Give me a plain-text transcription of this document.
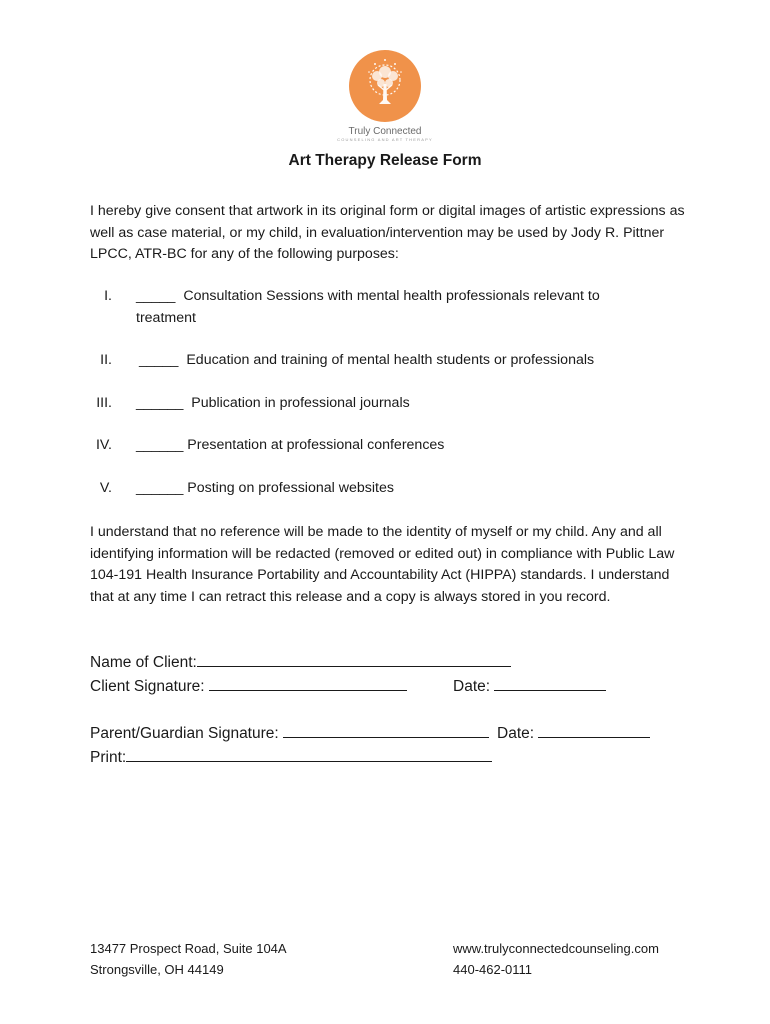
Truly Connected
COUNSELING AND ART THERAPY
Art Therapy Release Form
I hereby give consent that artwork in its original form or digital images of artistic expressions as well as case material, or my child, in evaluation/intervention may be used by Jody R. Pittner LPCC, ATR-BC for any of the following purposes:
I. _____ Consultation Sessions with mental health professionals relevant to treatment
II. _____ Education and training of mental health students or professionals
III. ______ Publication in professional journals
IV. ______ Presentation at professional conferences
V. ______ Posting on professional websites
I understand that no reference will be made to the identity of myself or my child. Any and all identifying information will be redacted (removed or edited out) in compliance with Public Law 104-191 Health Insurance Portability and Accountability Act (HIPPA) standards. I understand that at any time I can retract this release and a copy is always stored in you record.
Name of Client:
Client Signature:	Date:
Parent/Guardian Signature:	Date:
Print:
13477 Prospect Road, Suite 104A
Strongsville, OH 44149
www.trulyconnectedcounseling.com
440-462-0111
